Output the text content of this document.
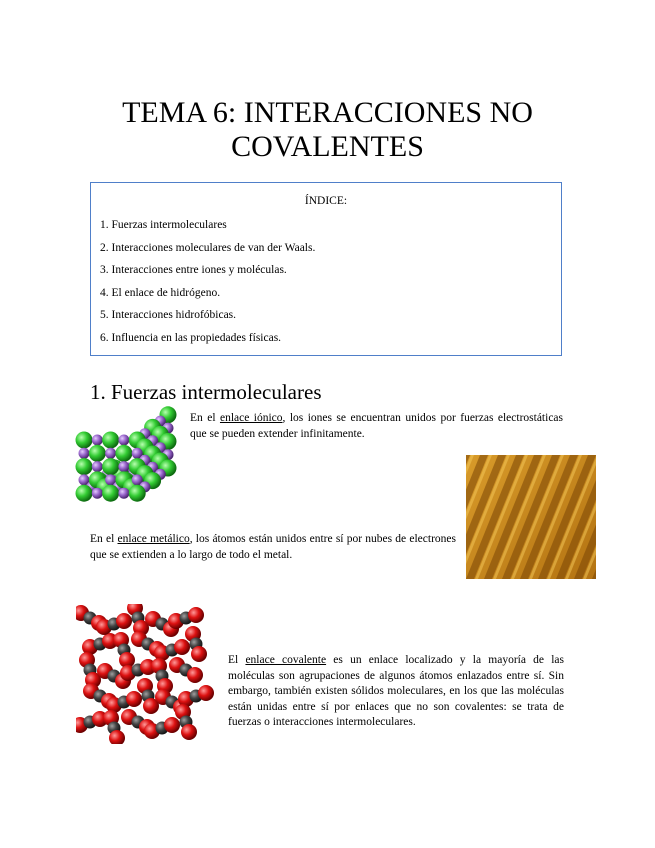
TEMA 6: INTERACCIONES NO
COVALENTES
ÍNDICE:
1. Fuerzas intermoleculares
2. Interacciones moleculares de van der Waals.
3. Interacciones entre iones y moléculas.
4. El enlace de hidrógeno.
5. Interacciones hidrofóbicas.
6. Influencia en las propiedades físicas.
1. Fuerzas intermoleculares

En el enlace iónico, los iones se encuentran unidos por fuerzas electrostáticas que se pueden extender infinitamente.

En el enlace metálico, los átomos están unidos entre sí por nubes de electrones que se extienden a lo largo de todo el metal.

El enlace covalente es un enlace localizado y la mayoría de las moléculas son agrupaciones de algunos átomos enlazados entre sí. Sin embargo, también existen sólidos moleculares, en los que las moléculas están unidas entre sí por enlaces que no son covalentes: se trata de fuerzas o interacciones intermoleculares.
